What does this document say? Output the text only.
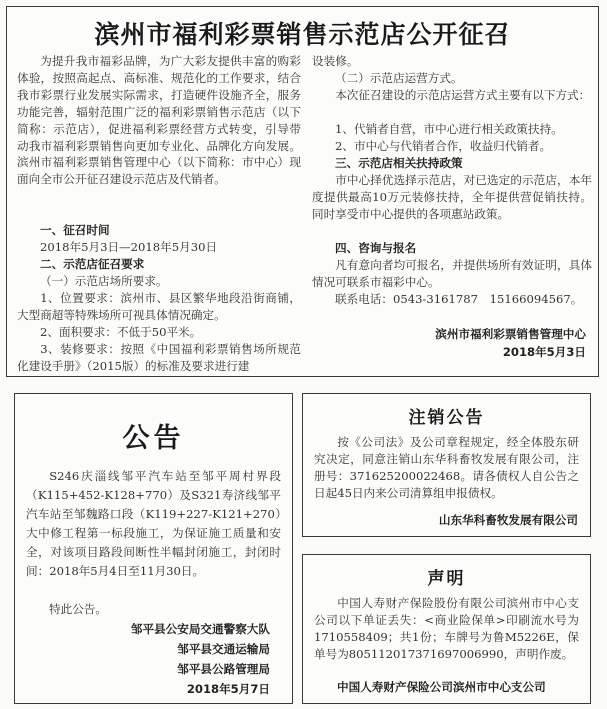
滨州市福利彩票销售示范店公开征召

为提升我市福彩品牌，为广大彩友提供丰富的购彩体验，按照高起点、高标准、规范化的工作要求，结合我市彩票行业发展实际需求，打造硬件设施齐全，服务功能完善，辐射范围广泛的福利彩票销售示范店（以下简称：示范店），促进福利彩票经营方式转变，引导带动我市福利彩票销售向更加专业化、品牌化方向发展。滨州市福利彩票销售管理中心（以下简称：市中心）现面向全市公开征召建设示范店及代销者。

一、征召时间

2018年5月3日—2018年5月30日

二、示范店征召要求

（一）示范店场所要求。

1、位置要求：滨州市、县区繁华地段沿街商铺，大型商超等特殊场所可视具体情况确定。

2、面积要求：不低于50平米。

3、装修要求：按照《中国福利彩票销售场所规范化建设手册》（2015版）的标准及要求进行建

设装修。

（二）示范店运营方式。

本次征召建设的示范店运营方式主要有以下方式：

1、代销者自营，市中心进行相关政策扶持。

2、市中心与代销者合作，收益归代销者。

三、示范店相关扶持政策

市中心择优选择示范店，对已选定的示范店，本年度提供最高10万元装修扶持，全年提供营促销扶持。同时享受市中心提供的各项惠站政策。

四、咨询与报名

凡有意向者均可报名，并提供场所有效证明，具体情况可联系市福彩中心。

联系电话：0543-3161787　15166094567。

滨州市福利彩票销售管理中心

2018年5月3日

公告

S246庆淄线邹平汽车站至邹平周村界段（K115+452-K128+770）及S321寿济线邹平汽车站至邹魏路口段（K119+227-K121+270）大中修工程第一标段施工，为保证施工质量和安全，对该项目路段间断性半幅封闭施工，封闭时间：2018年5月4日至11月30日。

特此公告。

邹平县公安局交通警察大队

邹平县交通运输局

邹平县公路管理局

2018年5月7日

注销公告

按《公司法》及公司章程规定，经全体股东研究决定，同意注销山东华科畜牧发展有限公司，注册号：371625200022468。请各债权人自公告之日起45日内来公司清算组申报债权。

山东华科畜牧发展有限公司

声明

中国人寿财产保险股份有限公司滨州市中心支公司以下单证丢失：<商业险保单>印刷流水号为1710558409；共1份；车牌号为鲁M5226E，保单号为805112017371697006990，声明作废。

中国人寿财产保险公司滨州市中心支公司
